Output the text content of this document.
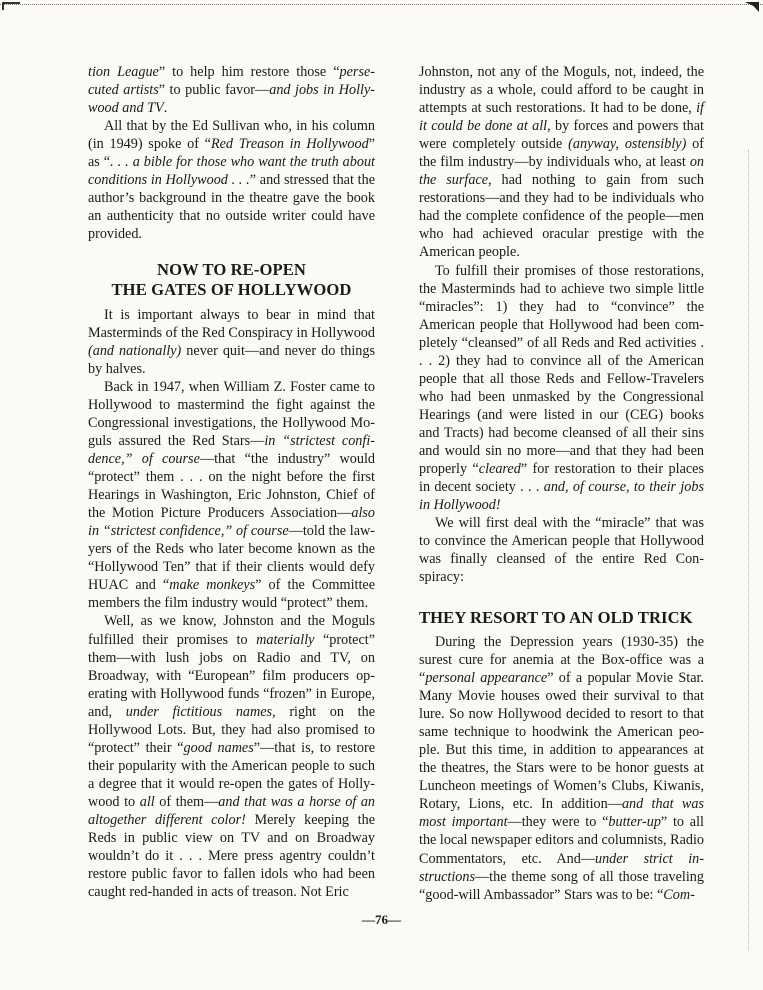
tion League” to help him restore those “persecuted artists” to public favor—and jobs in Hollywood and TV.

All that by the Ed Sullivan who, in his column (in 1949) spoke of “Red Treason in Hollywood” as “. . . a bible for those who want the truth about conditions in Hollywood . . .” and stressed that the author’s background in the theatre gave the book an authenticity that no outside writer could have provided.

NOW TO RE-OPEN
THE GATES OF HOLLYWOOD

It is important always to bear in mind that Masterminds of the Red Conspiracy in Hollywood (and nationally) never quit—and never do things by halves.

Back in 1947, when William Z. Foster came to Hollywood to mastermind the fight against the Congressional investigations, the Hollywood Moguls assured the Red Stars—in “strictest confidence,” of course—that “the industry” would “protect” them . . . on the night before the first Hearings in Washington, Eric Johnston, Chief of the Motion Picture Producers Association—also in “strictest confidence,” of course—told the lawyers of the Reds who later become known as the “Hollywood Ten” that if their clients would defy HUAC and “make monkeys” of the Committee members the film industry would “protect” them.

Well, as we know, Johnston and the Moguls fulfilled their promises to materially “protect” them—with lush jobs on Radio and TV, on Broadway, with “European” film producers operating with Hollywood funds “frozen” in Europe, and, under fictitious names, right on the Hollywood Lots. But, they had also promised to “protect” their “good names”—that is, to restore their popularity with the American people to such a degree that it would re-open the gates of Hollywood to all of them—and that was a horse of an altogether different color! Merely keeping the Reds in public view on TV and on Broadway wouldn’t do it . . . Mere press agentry couldn’t restore public favor to fallen idols who had been caught red-handed in acts of treason. Not Eric

Johnston, not any of the Moguls, not, indeed, the industry as a whole, could afford to be caught in attempts at such restorations. It had to be done, if it could be done at all, by forces and powers that were completely outside (anyway, ostensibly) of the film industry—by individuals who, at least on the surface, had nothing to gain from such restorations—and they had to be individuals who had the complete confidence of the people—men who had achieved oracular prestige with the American people.

To fulfill their promises of those restorations, the Masterminds had to achieve two simple little “miracles”: 1) they had to “convince” the American people that Hollywood had been completely “cleansed” of all Reds and Red activities . . . 2) they had to convince all of the American people that all those Reds and Fellow-Travelers who had been unmasked by the Congressional Hearings (and were listed in our (CEG) books and Tracts) had become cleansed of all their sins and would sin no more—and that they had been properly “cleared” for restoration to their places in decent society . . . and, of course, to their jobs in Hollywood!

We will first deal with the “miracle” that was to convince the American people that Hollywood was finally cleansed of the entire Red Conspiracy:

THEY RESORT TO AN OLD TRICK

During the Depression years (1930-35) the surest cure for anemia at the Box-office was a “personal appearance” of a popular Movie Star. Many Movie houses owed their survival to that lure. So now Hollywood decided to resort to that same technique to hoodwink the American people. But this time, in addition to appearances at the theatres, the Stars were to be honor guests at Luncheon meetings of Women’s Clubs, Kiwanis, Rotary, Lions, etc. In addition—and that was most important—they were to “butter-up” to all the local newspaper editors and columnists, Radio Commentators, etc. And—under strict instructions—the theme song of all those traveling “good-will Ambassador” Stars was to be: “Com-

—76—
